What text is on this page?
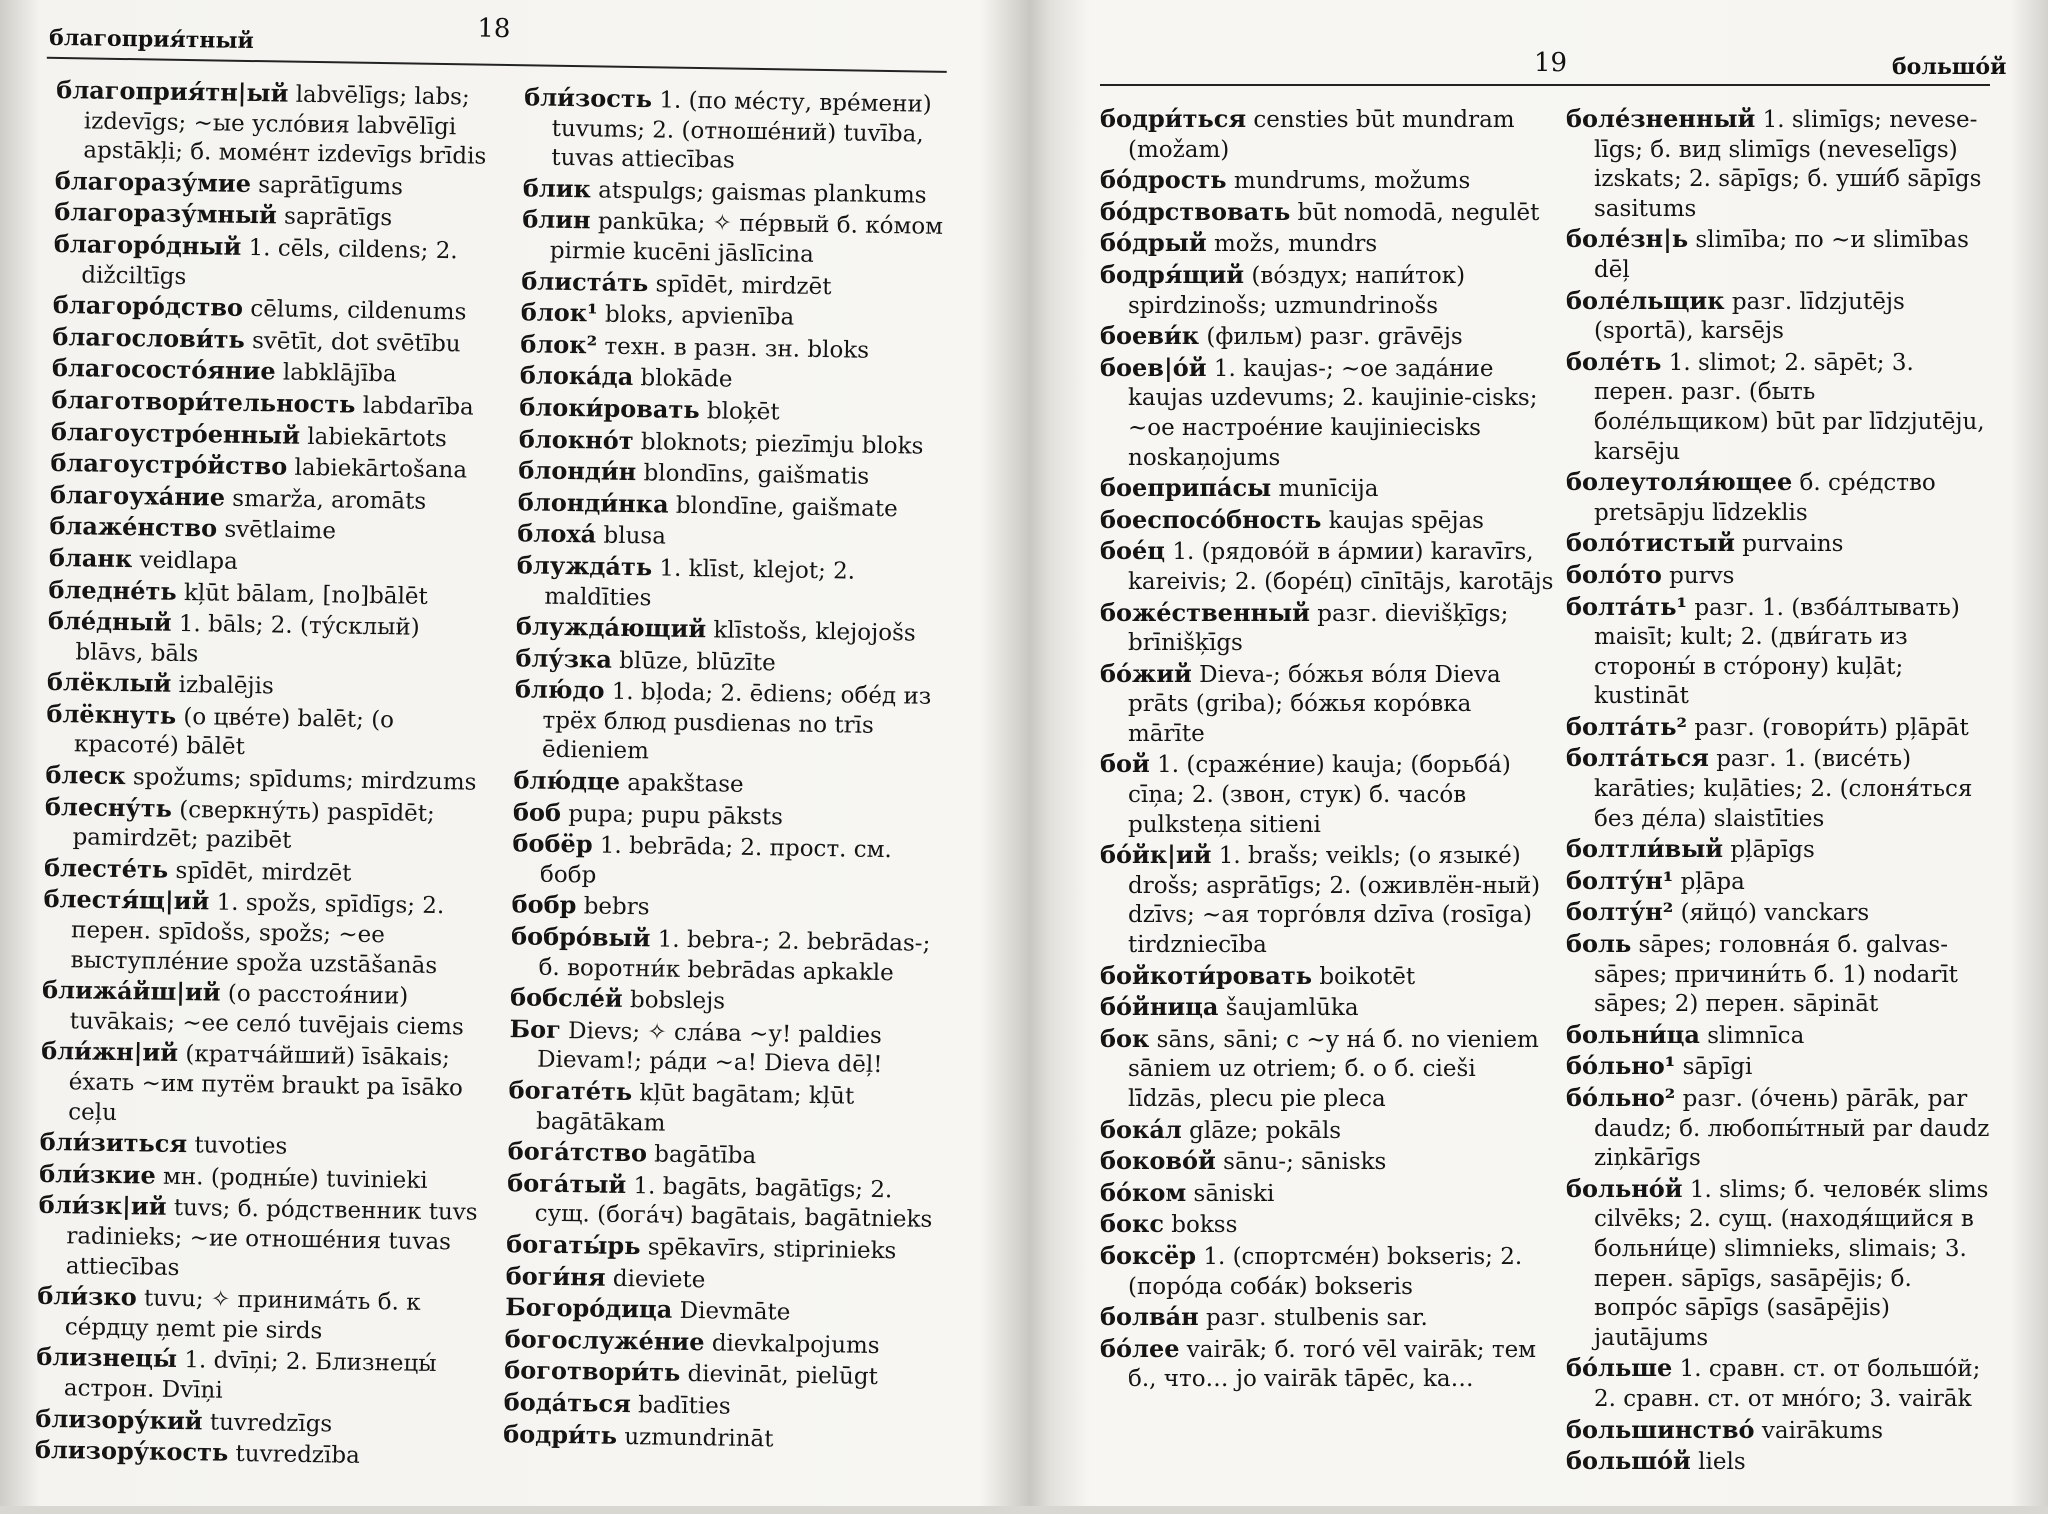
благоприя́тный	18

благоприя́тн|ый labvēlīgs; labs; izdevīgs; ~ые усло́вия labvēlīgi apstākļi; б. моме́нт izdevīgs brīdis

благоразу́мие saprātīgums

благоразу́мный saprātīgs

благоро́дный 1. cēls, cildens; 2. dižciltīgs

благоро́дство cēlums, cildenums

благослови́ть svētīt, dot svētību

благососто́яние labklājība

благотвори́тельность labdarība

благоустро́енный labiekārtots

благоустро́йство labiekārtošana

благоуха́ние smarža, aromāts

блаже́нство svētlaime

бланк veidlapa

бледне́ть kļūt bālam, [no]bālēt

бле́дный 1. bāls; 2. (ту́склый) blāvs, bāls

блёклый izbalējis

блёкнуть (о цве́те) balēt; (о красоте́) bālēt

блеск spožums; spīdums; mirdzums

блесну́ть (сверкну́ть) paspīdēt; pamirdzēt; pazibēt

блесте́ть spīdēt, mirdzēt

блестя́щ|ий 1. spožs, spīdīgs; 2. перен. spīdošs, spožs; ~ее выступле́ние spoža uzstāšanās

ближа́йш|ий (о расстоя́нии) tuvākais; ~ее село́ tuvējais ciems

бли́жн|ий (кратча́йший) īsākais; е́хать ~им путём braukt pa īsāko ceļu

бли́зиться tuvoties

бли́зкие мн. (родны́е) tuvinieki

бли́зк|ий tuvs; б. ро́дственник tuvs radinieks; ~ие отноше́ния tuvas attiecības

бли́зко tuvu; ✧ принима́ть б. к се́рдцу ņemt pie sirds

близнецы́ 1. dvīņi; 2. Близнецы́ астрон. Dvīņi

близору́кий tuvredzīgs

близору́кость tuvredzība

бли́зость 1. (по ме́сту, вре́мени) tuvums; 2. (отноше́ний) tuvība, tuvas attiecības

блик atspulgs; gaismas plankums

блин pankūka; ✧ пе́рвый б. ко́мом pirmie kucēni jāslīcina

блиста́ть spīdēt, mirdzēt

блок¹ bloks, apvienība

блок² техн. в разн. зн. bloks

блока́да blokāde

блоки́ровать bloķēt

блокно́т bloknots; piezīmju bloks

блонди́н blondīns, gaišmatis

блонди́нка blondīne, gaišmate

блоха́ blusa

блужда́ть 1. klīst, klejot; 2. maldīties

блужда́ющий klīstošs, klejojošs

блу́зка blūze, blūzīte

блю́до 1. bļoda; 2. ēdiens; обе́д из трёх блюд pusdienas no trīs ēdieniem

блю́дце apakštase

боб pupa; pupu pāksts

бобёр 1. bebrāda; 2. прост. см. бобр

бобр bebrs

бобро́вый 1. bebra-; 2. bebrādas-; б. воротни́к bebrādas apkakle

бобсле́й bobslejs

Бог Dievs; ✧ сла́ва ~у! paldies Dievam!; ра́ди ~а! Dieva dēļ!

богате́ть kļūt bagātam; kļūt bagātākam

бога́тство bagātība

бога́тый 1. bagāts, bagātīgs; 2. сущ. (бога́ч) bagātais, bagātnieks

богаты́рь spēkavīrs, stiprinieks

боги́ня dieviete

Богоро́дица Dievmāte

богослуже́ние dievkalpojums

боготвори́ть dievināt, pielūgt

бода́ться badīties

бодри́ть uzmundrināt

19	большо́й

бодри́ться censties būt mundram (možam)

бо́дрость mundrums, možums

бо́дрствовать būt nomodā, negulēt

бо́дрый možs, mundrs

бодря́щий (во́здух; напи́ток) spirdzinošs; uzmundrinošs

боеви́к (фильм) разг. grāvējs

боев|о́й 1. kaujas-; ~ое зада́ние kaujas uzdevums; 2. kaujinie-cisks; ~ое настрое́ние kaujiniecisks noskaņojums

боеприпа́сы munīcija

боеспосо́бность kaujas spējas

бое́ц 1. (рядово́й в а́рмии) karavīrs, kareivis; 2. (боре́ц) cīnītājs, karotājs

боже́ственный разг. dievišķīgs; brīnišķīgs

бо́жий Dieva-; бо́жья во́ля Dieva prāts (griba); бо́жья коро́вка mārīte

бой 1. (сраже́ние) kauja; (борьба́) cīņa; 2. (звон, стук) б. часо́в pulksteņa sitieni

бо́йк|ий 1. brašs; veikls; (о языке́) drošs; asprātīgs; 2. (оживлён-ный) dzīvs; ~ая торго́вля dzīva (rosīga) tirdzniecība

бойкоти́ровать boikotēt

бо́йница šaujamlūka

бок sāns, sāni; с ~у на́ б. no vieniem sāniem uz otriem; б. о б. cieši līdzās, plecu pie pleca

бока́л glāze; pokāls

боково́й sānu-; sānisks

бо́ком sāniski

бокс bokss

боксёр 1. (спортсме́н) bokseris; 2. (поро́да соба́к) bokseris

болва́н разг. stulbenis sar.

бо́лее vairāk; б. того́ vēl vairāk; тем б., что… jo vairāk tāpēc, ka…

боле́зненный 1. slimīgs; nevese-līgs; б. вид slimīgs (neveselīgs) izskats; 2. sāpīgs; б. уши́б sāpīgs sasitums

боле́зн|ь slimība; по ~и slimības dēļ

боле́льщик разг. līdzjutējs (sportā), karsējs

боле́ть 1. slimot; 2. sāpēt; 3. перен. разг. (быть боле́льщиком) būt par līdzjutēju, karsēju

болеутоля́ющее б. сре́дство pretsāpju līdzeklis

боло́тистый purvains

боло́то purvs

болта́ть¹ разг. 1. (взба́лтывать) maisīt; kult; 2. (дви́гать из стороны́ в сто́рону) kuļāt; kustināt

болта́ть² разг. (говори́ть) pļāpāt

болта́ться разг. 1. (висе́ть) karāties; kuļāties; 2. (слоня́ться без де́ла) slaistīties

болтли́вый pļāpīgs

болту́н¹ pļāpa

болту́н² (яйцо́) vanckars

боль sāpes; головна́я б. galvas-sāpes; причини́ть б. 1) nodarīt sāpes; 2) перен. sāpināt

больни́ца slimnīca

бо́льно¹ sāpīgi

бо́льно² разг. (о́чень) pārāk, par daudz; б. любопы́тный par daudz ziņkārīgs

больно́й 1. slims; б. челове́к slims cilvēks; 2. сущ. (находя́щийся в больни́це) slimnieks, slimais; 3. перен. sāpīgs, sasāpējis; б. вопро́с sāpīgs (sasāpējis) jautājums

бо́льше 1. сравн. ст. от большо́й; 2. сравн. ст. от мно́го; 3. vairāk

большинство́ vairākums

большо́й liels
